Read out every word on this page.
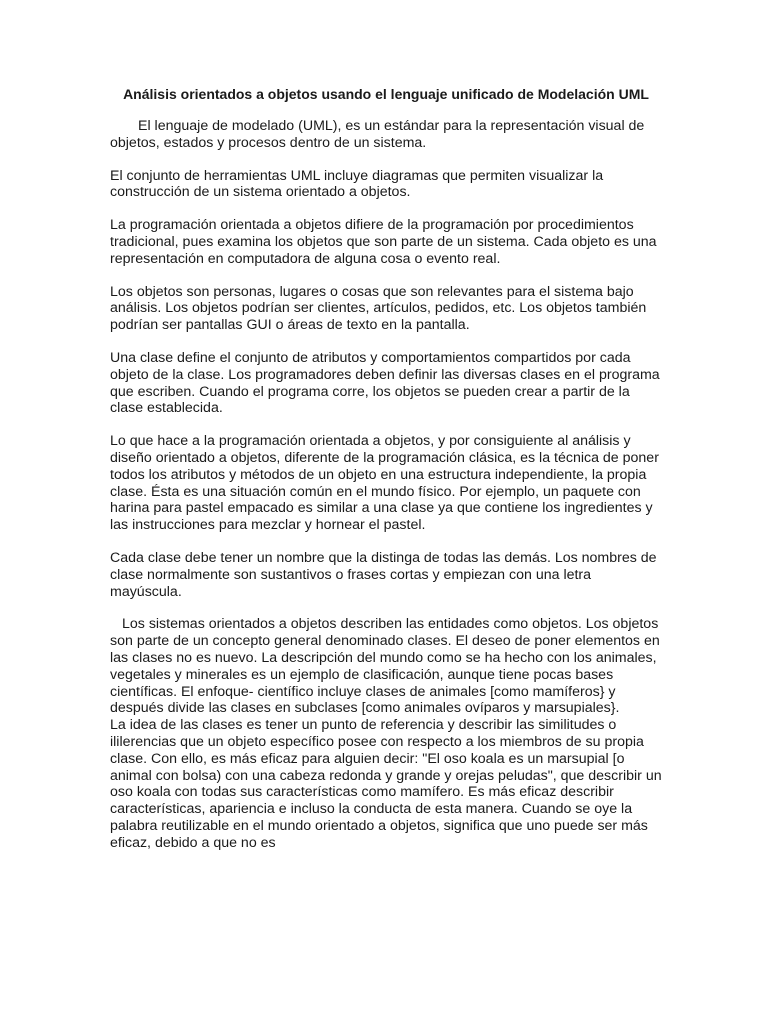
Análisis orientados a objetos usando el lenguaje unificado de Modelación UML

El lenguaje de modelado (UML), es un estándar para la representación visual de objetos, estados y procesos dentro de un sistema.

El conjunto de herramientas UML incluye diagramas que permiten visualizar la construcción de un sistema orientado a objetos.

La programación orientada a objetos difiere de la programación por procedimientos tradicional, pues examina los objetos que son parte de un sistema. Cada objeto es una representación en computadora de alguna cosa o evento real.

Los objetos son personas, lugares o cosas que son relevantes para el sistema bajo análisis. Los objetos podrían ser clientes, artículos, pedidos, etc. Los objetos también podrían ser pantallas GUI o áreas de texto en la pantalla.

Una clase define el conjunto de atributos y comportamientos compartidos por cada objeto de la clase. Los programadores deben definir las diversas clases en el programa que escriben. Cuando el programa corre, los objetos se pueden crear a partir de la clase establecida.

Lo que hace a la programación orientada a objetos, y por consiguiente al análisis y diseño orientado a objetos, diferente de la programación clásica, es la técnica de poner todos los atributos y métodos de un objeto en una estructura independiente, la propia clase. Ésta es una situación común en el mundo físico. Por ejemplo, un paquete con harina para pastel empacado es similar a una clase ya que contiene los ingredientes y las instrucciones para mezclar y hornear el pastel.

Cada clase debe tener un nombre que la distinga de todas las demás. Los nombres de clase normalmente son sustantivos o frases cortas y empiezan con una letra mayúscula.

Los sistemas orientados a objetos describen las entidades como objetos. Los objetos son parte de un concepto general denominado clases. El deseo de poner elementos en las clases no es nuevo. La descripción del mundo como se ha hecho con los animales, vegetales y minerales es un ejemplo de clasificación, aunque tiene pocas bases científicas. El enfoque- científico incluye clases de animales [como mamíferos} y después divide las clases en subclases [como animales ovíparos y marsupiales}.

La idea de las clases es tener un punto de referencia y describir las similitudes o ililerencias que un objeto específico posee con respecto a los miembros de su propia clase. Con ello, es más eficaz para alguien decir: "El oso koala es un marsupial [o animal con bolsa) con una cabeza redonda y grande y orejas peludas", que describir un oso koala con todas sus características como mamífero. Es más eficaz describir características, apariencia e incluso la conducta de esta manera. Cuando se oye la palabra reutilizable en el mundo orientado a objetos, significa que uno puede ser más eficaz, debido a que no es
